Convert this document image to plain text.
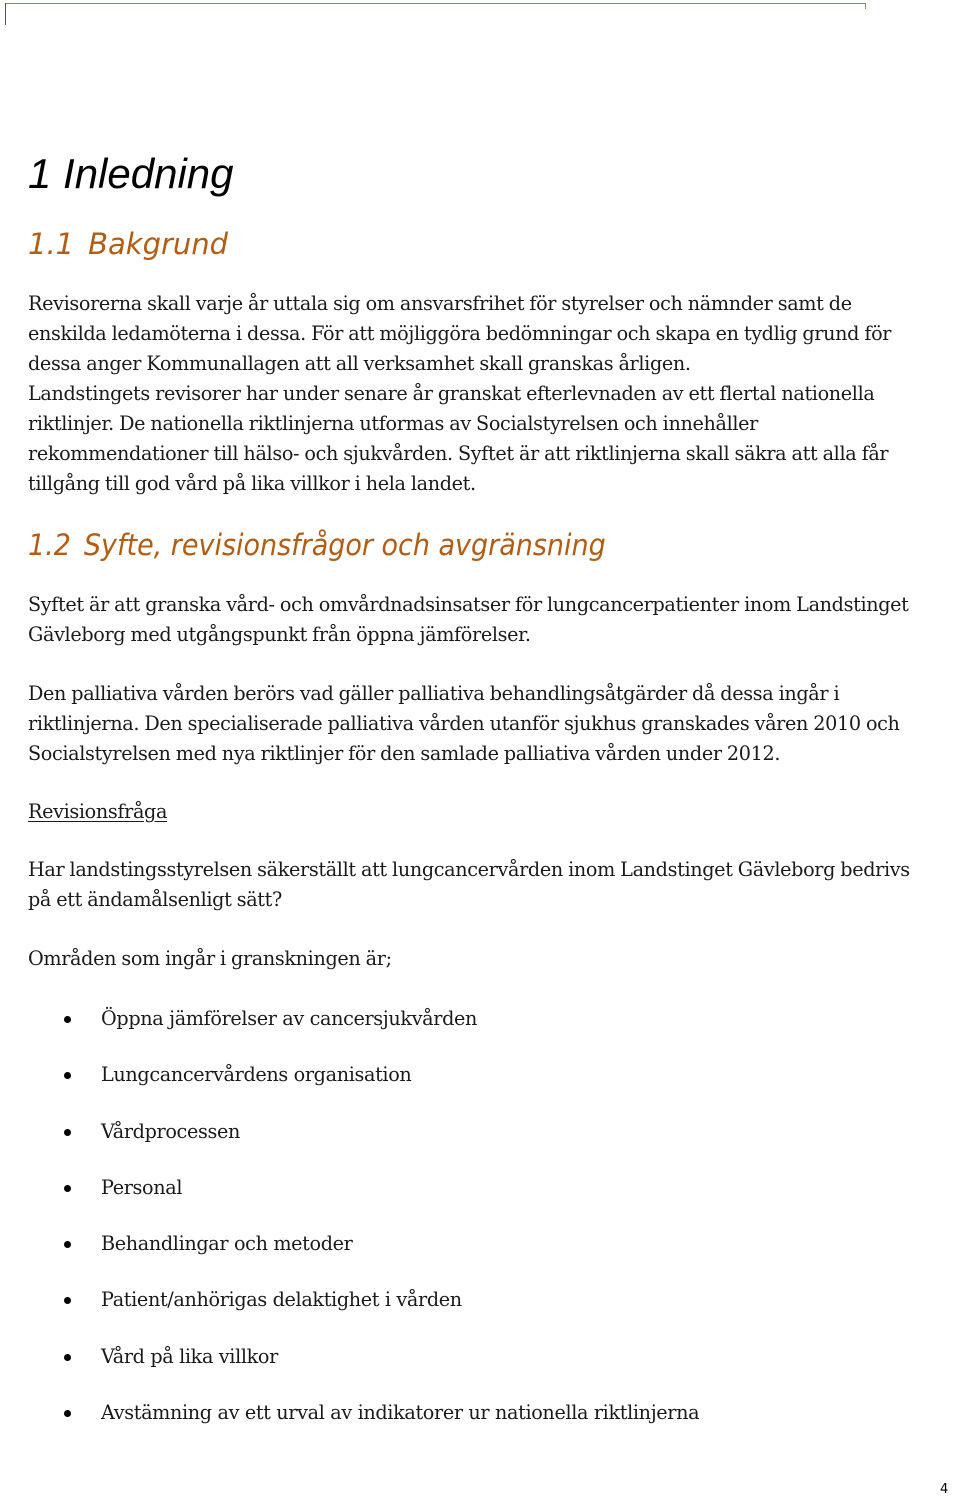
1 Inledning
1.1 Bakgrund

Revisorerna skall varje år uttala sig om ansvarsfrihet för styrelser och nämnder samt de
enskilda ledamöterna i dessa. För att möjliggöra bedömningar och skapa en tydlig grund för
dessa anger Kommunallagen att all verksamhet skall granskas årligen.
Landstingets revisorer har under senare år granskat efterlevnaden av ett flertal nationella
riktlinjer. De nationella riktlinjerna utformas av Socialstyrelsen och innehåller
rekommendationer till hälso- och sjukvården. Syftet är att riktlinjerna skall säkra att alla får
tillgång till god vård på lika villkor i hela landet.

1.2 Syfte, revisionsfrågor och avgränsning

Syftet är att granska vård- och omvårdnadsinsatser för lungcancerpatienter inom Landstinget
Gävleborg med utgångspunkt från öppna jämförelser.

Den palliativa vården berörs vad gäller palliativa behandlingsåtgärder då dessa ingår i
riktlinjerna. Den specialiserade palliativa vården utanför sjukhus granskades våren 2010 och
Socialstyrelsen med nya riktlinjer för den samlade palliativa vården under 2012.

Revisionsfråga

Har landstingsstyrelsen säkerställt att lungcancervården inom Landstinget Gävleborg bedrivs
på ett ändamålsenligt sätt?

Områden som ingår i granskningen är;

Öppna jämförelser av cancersjukvården
Lungcancervårdens organisation
Vårdprocessen
Personal
Behandlingar och metoder
Patient/anhörigas delaktighet i vården
Vård på lika villkor
Avstämning av ett urval av indikatorer ur nationella riktlinjerna
4
